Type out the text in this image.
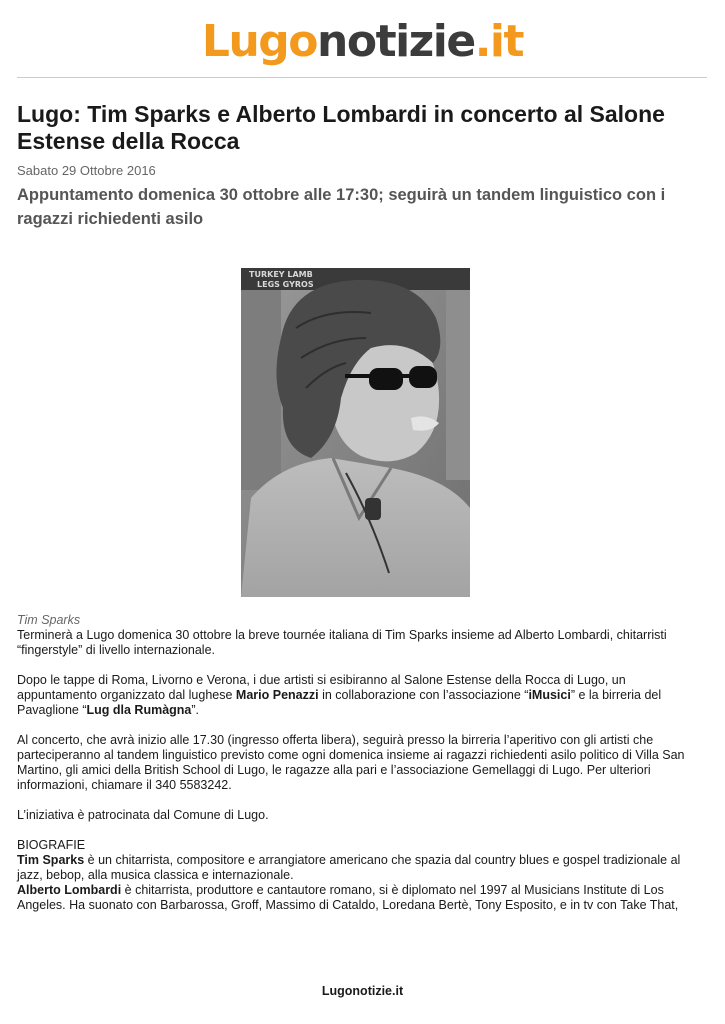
Lugonotizie.it
Lugo: Tim Sparks e Alberto Lombardi in concerto al Salone Estense della Rocca
Sabato 29 Ottobre 2016
Appuntamento domenica 30 ottobre alle 17:30; seguirà un tandem linguistico con i ragazzi richiedenti asilo
TURKEY LAMB
LEGS GYROS
Tim Sparks

Terminerà a Lugo domenica 30 ottobre la breve tournée italiana di Tim Sparks insieme ad Alberto Lombardi, chitarristi “fingerstyle” di livello internazionale.

Dopo le tappe di Roma, Livorno e Verona, i due artisti si esibiranno al Salone Estense della Rocca di Lugo, un appuntamento organizzato dal lughese Mario Penazzi in collaborazione con l’associazione “iMusici” e la birreria del Pavaglione “Lug dla Rumàgna”.

Al concerto, che avrà inizio alle 17.30 (ingresso offerta libera), seguirà presso la birreria l’aperitivo con gli artisti che parteciperanno al tandem linguistico previsto come ogni domenica insieme ai ragazzi richiedenti asilo politico di Villa San Martino, gli amici della British School di Lugo, le ragazze alla pari e l’associazione Gemellaggi di Lugo. Per ulteriori informazioni, chiamare il 340 5583242.

L’iniziativa è patrocinata dal Comune di Lugo.

BIOGRAFIE

Tim Sparks è un chitarrista, compositore e arrangiatore americano che spazia dal country blues e gospel tradizionale al jazz, bebop, alla musica classica e internazionale.

Alberto Lombardi è chitarrista, produttore e cantautore romano, si è diplomato nel 1997 al Musicians Institute di Los Angeles. Ha suonato con Barbarossa, Groff, Massimo di Cataldo, Loredana Bertè, Tony Esposito, e in tv con Take That,

Lugonotizie.it
